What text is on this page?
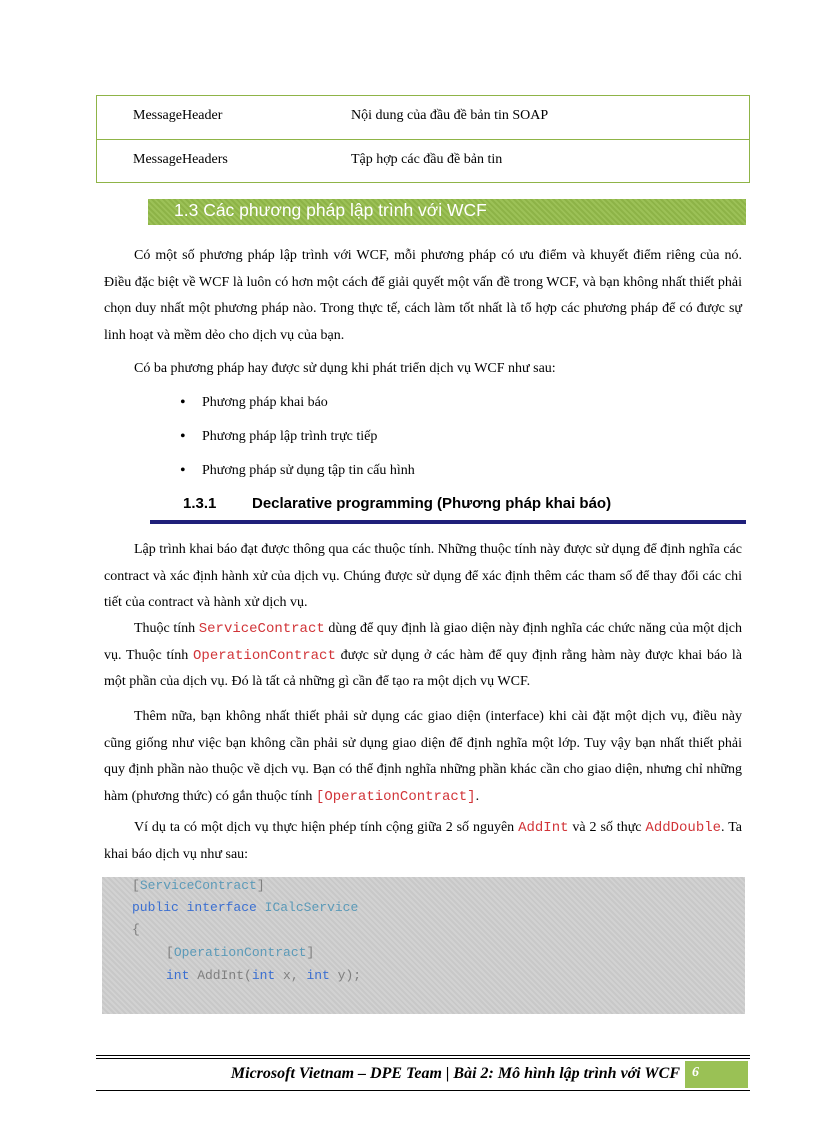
MessageHeader	Nội dung của đầu đề bản tin SOAP
MessageHeaders	Tập hợp các đầu đề bản tin
1.3 Các phương pháp lập trình với WCF

Có một số phương pháp lập trình với WCF, mỗi phương pháp có ưu điểm và khuyết điểm riêng của nó. Điều đặc biệt về WCF là luôn có hơn một cách để giải quyết một vấn đề trong WCF, và bạn không nhất thiết phải chọn duy nhất một phương pháp nào. Trong thực tế, cách làm tốt nhất là tổ hợp các phương pháp để có được sự linh hoạt và mềm dẻo cho dịch vụ của bạn.

Có ba phương pháp hay được sử dụng khi phát triển dịch vụ WCF như sau:

• Phương pháp khai báo
• Phương pháp lập trình trực tiếp
• Phương pháp sử dụng tập tin cấu hình
1.3.1 Declarative programming (Phương pháp khai báo)

Lập trình khai báo đạt được thông qua các thuộc tính. Những thuộc tính này được sử dụng để định nghĩa các contract và xác định hành xử của dịch vụ. Chúng được sử dụng để xác định thêm các tham số để thay đổi các chi tiết của contract và hành xử dịch vụ.

Thuộc tính ServiceContract dùng để quy định là giao diện này định nghĩa các chức năng của một dịch vụ. Thuộc tính OperationContract được sử dụng ở các hàm để quy định rằng hàm này được khai báo là một phần của dịch vụ. Đó là tất cả những gì cần để tạo ra một dịch vụ WCF.

Thêm nữa, bạn không nhất thiết phải sử dụng các giao diện (interface) khi cài đặt một dịch vụ, điều này cũng giống như việc bạn không cần phải sử dụng giao diện để định nghĩa một lớp. Tuy vậy bạn nhất thiết phải quy định phần nào thuộc về dịch vụ. Bạn có thể định nghĩa những phần khác cần cho giao diện, nhưng chỉ những hàm (phương thức) có gắn thuộc tính [OperationContract].

Ví dụ ta có một dịch vụ thực hiện phép tính cộng giữa 2 số nguyên AddInt và 2 số thực AddDouble. Ta khai báo dịch vụ như sau:

[ServiceContract]
public interface ICalcService
{
[OperationContract]
int AddInt(int x, int y);
Microsoft Vietnam – DPE Team | Bài 2: Mô hình lập trình với WCF 6
